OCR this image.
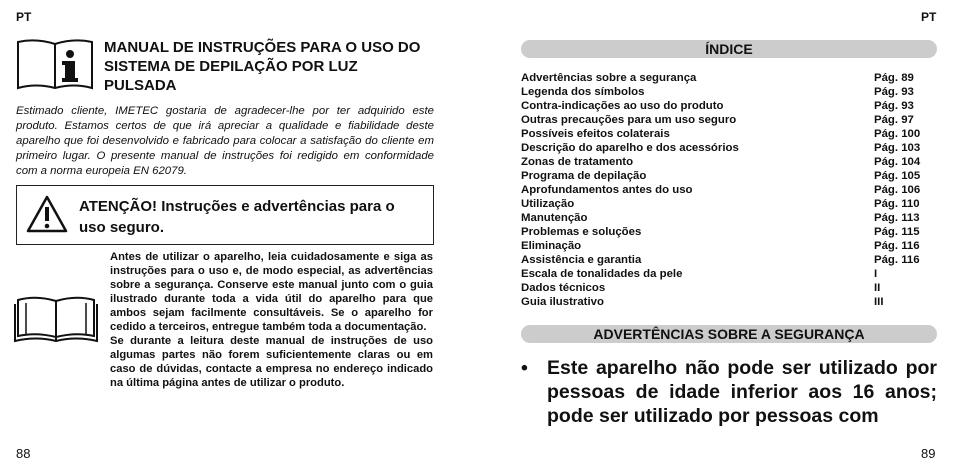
PT
MANUAL DE INSTRUÇÕES PARA O USO DO SISTEMA DE DEPILAÇÃO POR LUZ PULSADA
Estimado cliente, IMETEC gostaria de agradecer-lhe por ter adquirido este produto. Estamos certos de que irá apreciar a qualidade e fiabilidade deste aparelho que foi desenvolvido e fabricado para colocar a satisfação do cliente em primeiro lugar. O presente manual de instruções foi redigido em conformidade com a norma europeia EN 62079.
ATENÇÃO! Instruções e advertências para o uso seguro.

Antes de utilizar o aparelho, leia cuidadosamente e siga as instruções para o uso e, de modo especial, as advertências sobre a segurança. Conserve este manual junto com o guia ilustrado durante toda a vida útil do aparelho para que ambos sejam facilmente consultáveis. Se o aparelho for cedido a terceiros, entregue também toda a documentação.

Se durante a leitura deste manual de instruções de uso algumas partes não forem suficientemente claras ou em caso de dúvidas, contacte a empresa no endereço indicado na última página antes de utilizar o produto.

88
PT
ÍNDICE
Advertências sobre a segurança	Pág. 89
Legenda dos símbolos	Pág. 93
Contra-indicações ao uso do produto	Pág. 93
Outras precauções para um uso seguro	Pág. 97
Possíveis efeitos colaterais	Pág. 100
Descrição do aparelho e dos acessórios	Pág. 103
Zonas de tratamento	Pág. 104
Programa de depilação	Pág. 105
Aprofundamentos antes do uso	Pág. 106
Utilização	Pág. 110
Manutenção	Pág. 113
Problemas e soluções	Pág. 115
Eliminação	Pág. 116
Assistência e garantia	Pág. 116
Escala de tonalidades da pele	I
Dados técnicos	II
Guia ilustrativo	III
ADVERTÊNCIAS SOBRE A SEGURANÇA
• Este aparelho não pode ser utilizado por pessoas de idade inferior aos 16 anos; pode ser utilizado por pessoas com
89
